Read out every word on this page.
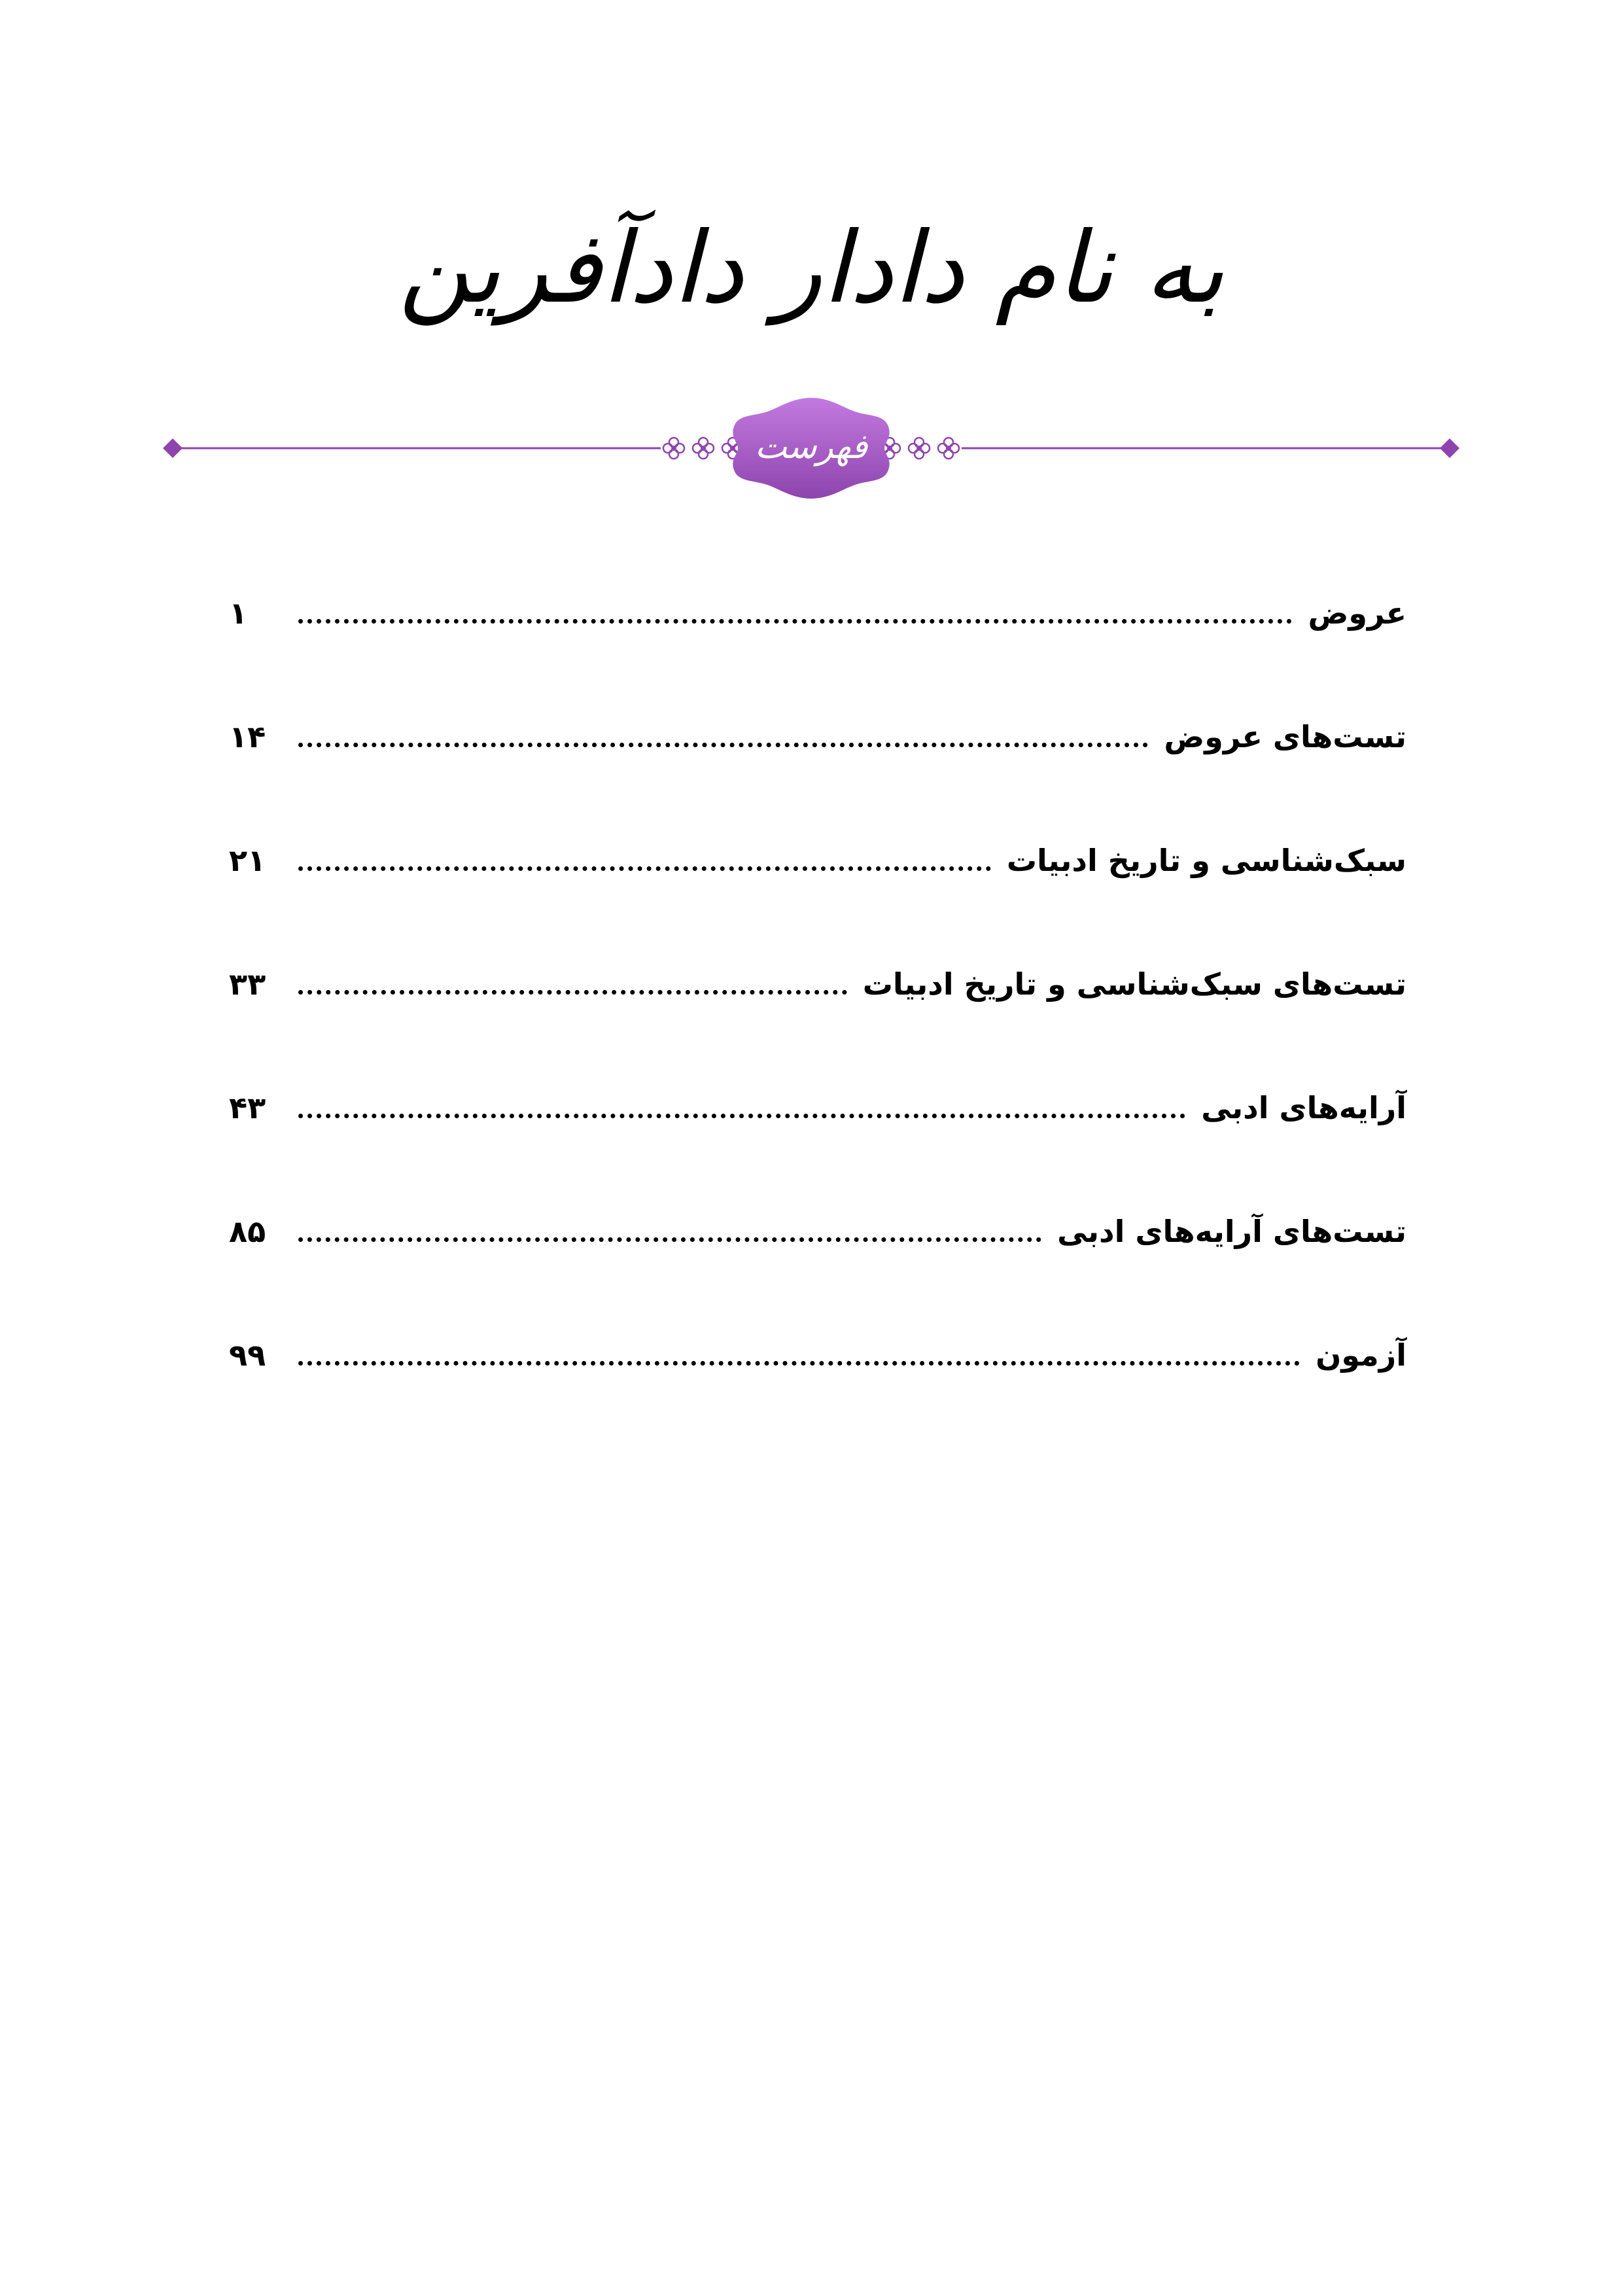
به نام دادار دادآفرین
فهرست
عروض
۱
تست‌های عروض
۱۴
سبک‌شناسی و تاریخ ادبیات
۲۱
تست‌های سبک‌شناسی و تاریخ ادبیات
۳۳
آرایه‌های ادبی
۴۳
تست‌های آرایه‌های ادبی
۸۵
آزمون
۹۹
